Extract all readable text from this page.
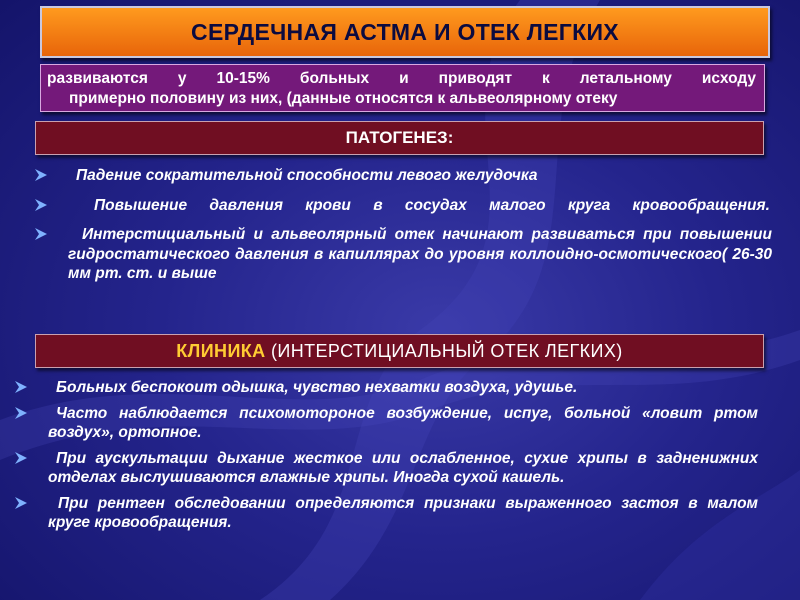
СЕРДЕЧНАЯ АСТМА И ОТЕК ЛЕГКИХ
развиваются у 10-15% больных и приводят к летальному исходу
примерно половину из них, (данные относятся к альвеолярному отеку
ПАТОГЕНЕЗ:
Падение сократительной способности левого желудочка
Повышение давления крови в сосудах малого круга кровообращения.
Интерстициальный и альвеолярный отек начинают развиваться при повышении гидростатического давления в капиллярах до уровня коллоидно-осмотического( 26-30 мм рт. ст. и выше
КЛИНИКА (ИНТЕРСТИЦИАЛЬНЫЙ ОТЕК ЛЕГКИХ)
Больных беспокоит одышка, чувство нехватки воздуха, удушье.
Часто наблюдается психомотороное возбуждение, испуг, больной «ловит ртом воздух», ортопное.
При аускультации дыхание жесткое или ослабленное, сухие хрипы в задненижних отделах выслушиваются влажные хрипы. Иногда сухой кашель.
При рентген обследовании определяются признаки выраженного застоя в малом круге кровообращения.
